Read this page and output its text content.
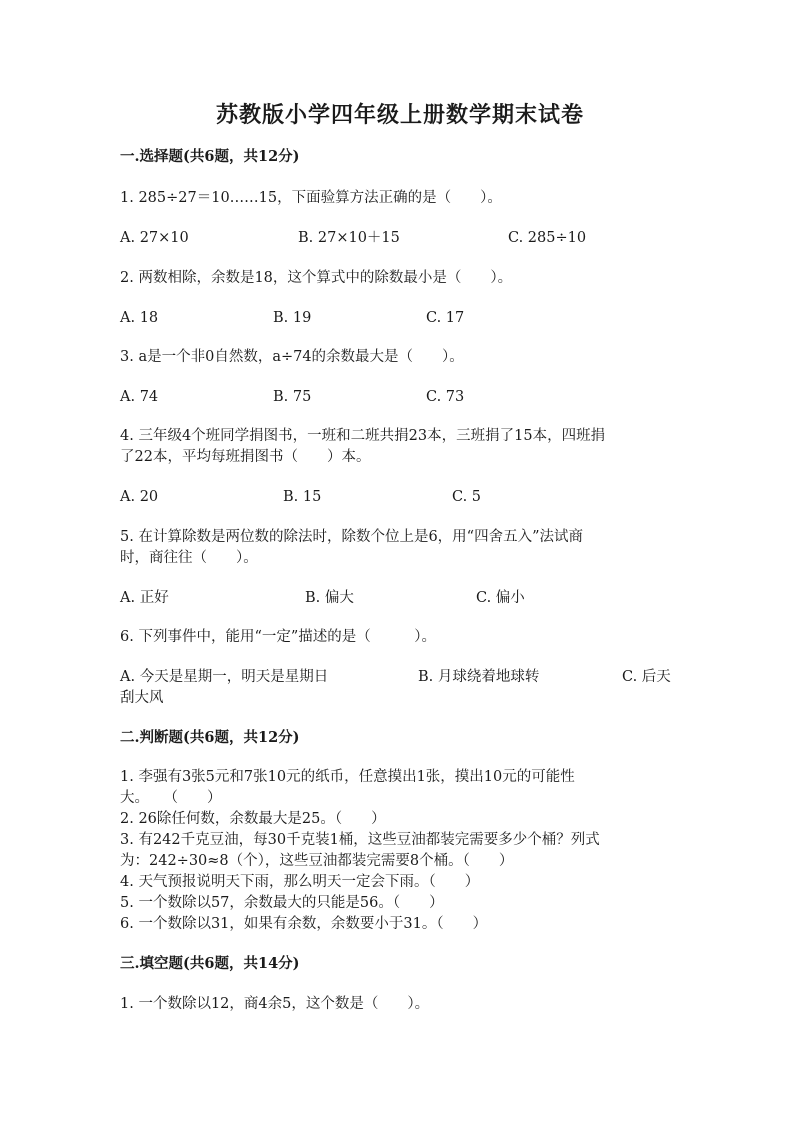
苏教版小学四年级上册数学期末试卷
一.选择题(共6题，共12分)
1. 285÷27＝10……15，下面验算方法正确的是（　　）。
A. 27×10	B. 27×10＋15	C. 285÷10
2. 两数相除，余数是18，这个算式中的除数最小是（　　）。
A. 18	B. 19	C. 17
3. a是一个非0自然数，a÷74的余数最大是（　　）。
A. 74	B. 75	C. 73
4. 三年级4个班同学捐图书，一班和二班共捐23本，三班捐了15本，四班捐
了22本，平均每班捐图书（　　）本。
A. 20	B. 15	C. 5
5. 在计算除数是两位数的除法时，除数个位上是6，用“四舍五入”法试商
时，商往往（　　）。
A. 正好	B. 偏大	C. 偏小
6. 下列事件中，能用“一定”描述的是（　　　）。
A. 今天是星期一，明天是星期日	B. 月球绕着地球转	C. 后天
刮大风
二.判断题(共6题，共12分)
1. 李强有3张5元和7张10元的纸币，任意摸出1张，摸出10元的可能性
大。　　（　　）
2. 26除任何数，余数最大是25。（　　）
3. 有242千克豆油，每30千克装1桶，这些豆油都装完需要多少个桶？列式
为：242÷30≈8（个），这些豆油都装完需要8个桶。（　　）
4. 天气预报说明天下雨，那么明天一定会下雨。（　　）
5. 一个数除以57，余数最大的只能是56。（　　）
6. 一个数除以31，如果有余数，余数要小于31。（　　）
三.填空题(共6题，共14分)
1. 一个数除以12，商4余5，这个数是（　　）。
